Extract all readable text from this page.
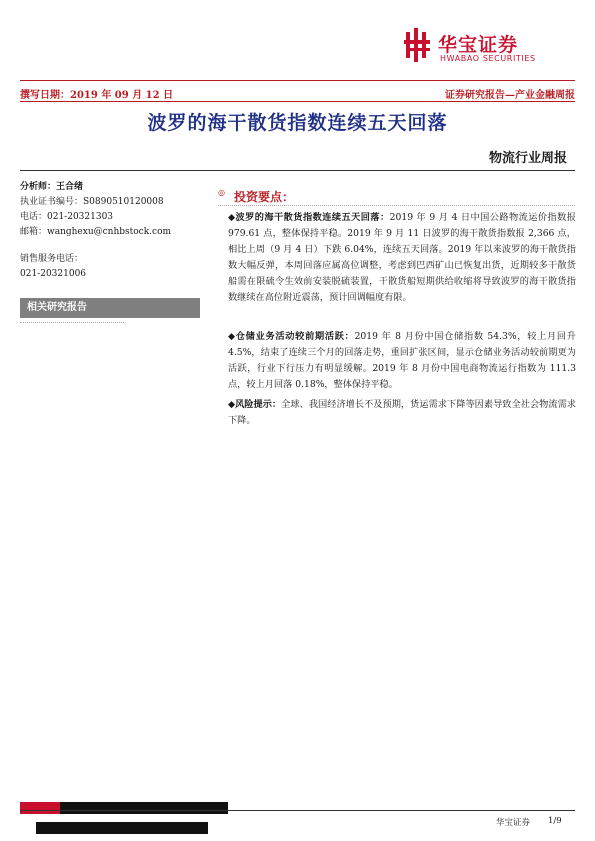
华宝证券
HWABAO SECURITIES
撰写日期：2019 年 09 月 12 日	证券研究报告—产业金融周报
波罗的海干散货指数连续五天回落
物流行业周报
分析师：王合绪
执业证书编号：S0890510120008
电话：021-20321303
邮箱：wanghexu@cnhbstock.com
销售服务电话：
021-20321006
相关研究报告
◎ 投资要点：
◆波罗的海干散货指数连续五天回落：2019 年 9 月 4 日中国公路物流运价指数报 979.61 点，整体保持平稳。2019 年 9 月 11 日波罗的海干散货指数报 2,366 点，相比上周（9 月 4 日）下跌 6.04%，连续五天回落。2019 年以来波罗的海干散货指数大幅反弹，本周回落应属高位调整，考虑到巴西矿山已恢复出货，近期较多干散货船需在限硫令生效前安装脱硫装置，干散货船短期供给收缩将导致波罗的海干散货指数继续在高位附近震荡，预计回调幅度有限。
◆仓储业务活动较前期活跃：2019 年 8 月份中国仓储指数 54.3%，较上月回升 4.5%，结束了连续三个月的回落走势，重回扩张区间，显示仓储业务活动较前期更为活跃，行业下行压力有明显缓解。2019 年 8 月份中国电商物流运行指数为 111.3 点，较上月回落 0.18%，整体保持平稳。
◆风险提示：全球、我国经济增长不及预期，货运需求下降等因素导致全社会物流需求下降。
华宝证券 1/9
